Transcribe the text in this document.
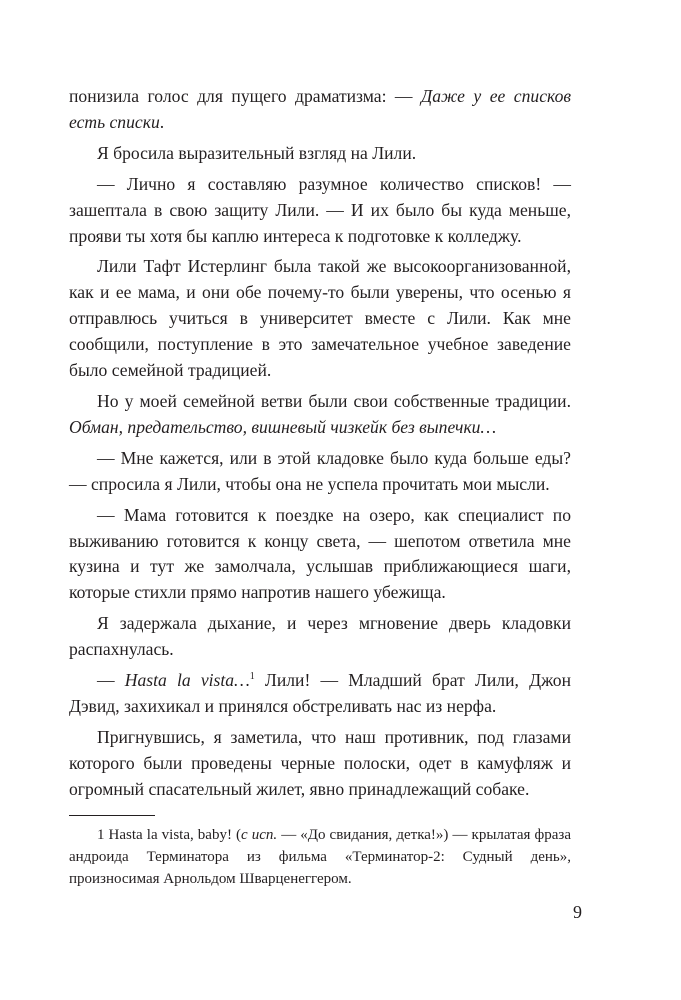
понизила голос для пущего драматизма: — Даже у ее списков есть списки.

Я бросила выразительный взгляд на Лили.

— Лично я составляю разумное количество списков! — зашептала в свою защиту Лили. — И их было бы куда меньше, прояви ты хотя бы каплю интереса к подготовке к колледжу.

Лили Тафт Истерлинг была такой же высокоорганизованной, как и ее мама, и они обе почему-то были уверены, что осенью я отправлюсь учиться в университет вместе с Лили. Как мне сообщили, поступление в это замечательное учебное заведение было семейной традицией.

Но у моей семейной ветви были свои собственные традиции. Обман, предательство, вишневый чизкейк без выпечки…

— Мне кажется, или в этой кладовке было куда больше еды? — спросила я Лили, чтобы она не успела прочитать мои мысли.

— Мама готовится к поездке на озеро, как специалист по выживанию готовится к концу света, — шепотом ответила мне кузина и тут же замолчала, услышав приближающиеся шаги, которые стихли прямо напротив нашего убежища.

Я задержала дыхание, и через мгновение дверь кладовки распахнулась.

— Hasta la vista…$^1$ Лили! — Младший брат Лили, Джон Дэвид, захихикал и принялся обстреливать нас из нерфа.

Пригнувшись, я заметила, что наш противник, под глазами которого были проведены черные полоски, одет в камуфляж и огромный спасательный жилет, явно принадлежащий собаке.

1 Hasta la vista, baby! (с исп. — «До свидания, детка!») — крылатая фраза андроида Терминатора из фильма «Терминатор-2: Судный день», произносимая Арнольдом Шварценеггером.

9
